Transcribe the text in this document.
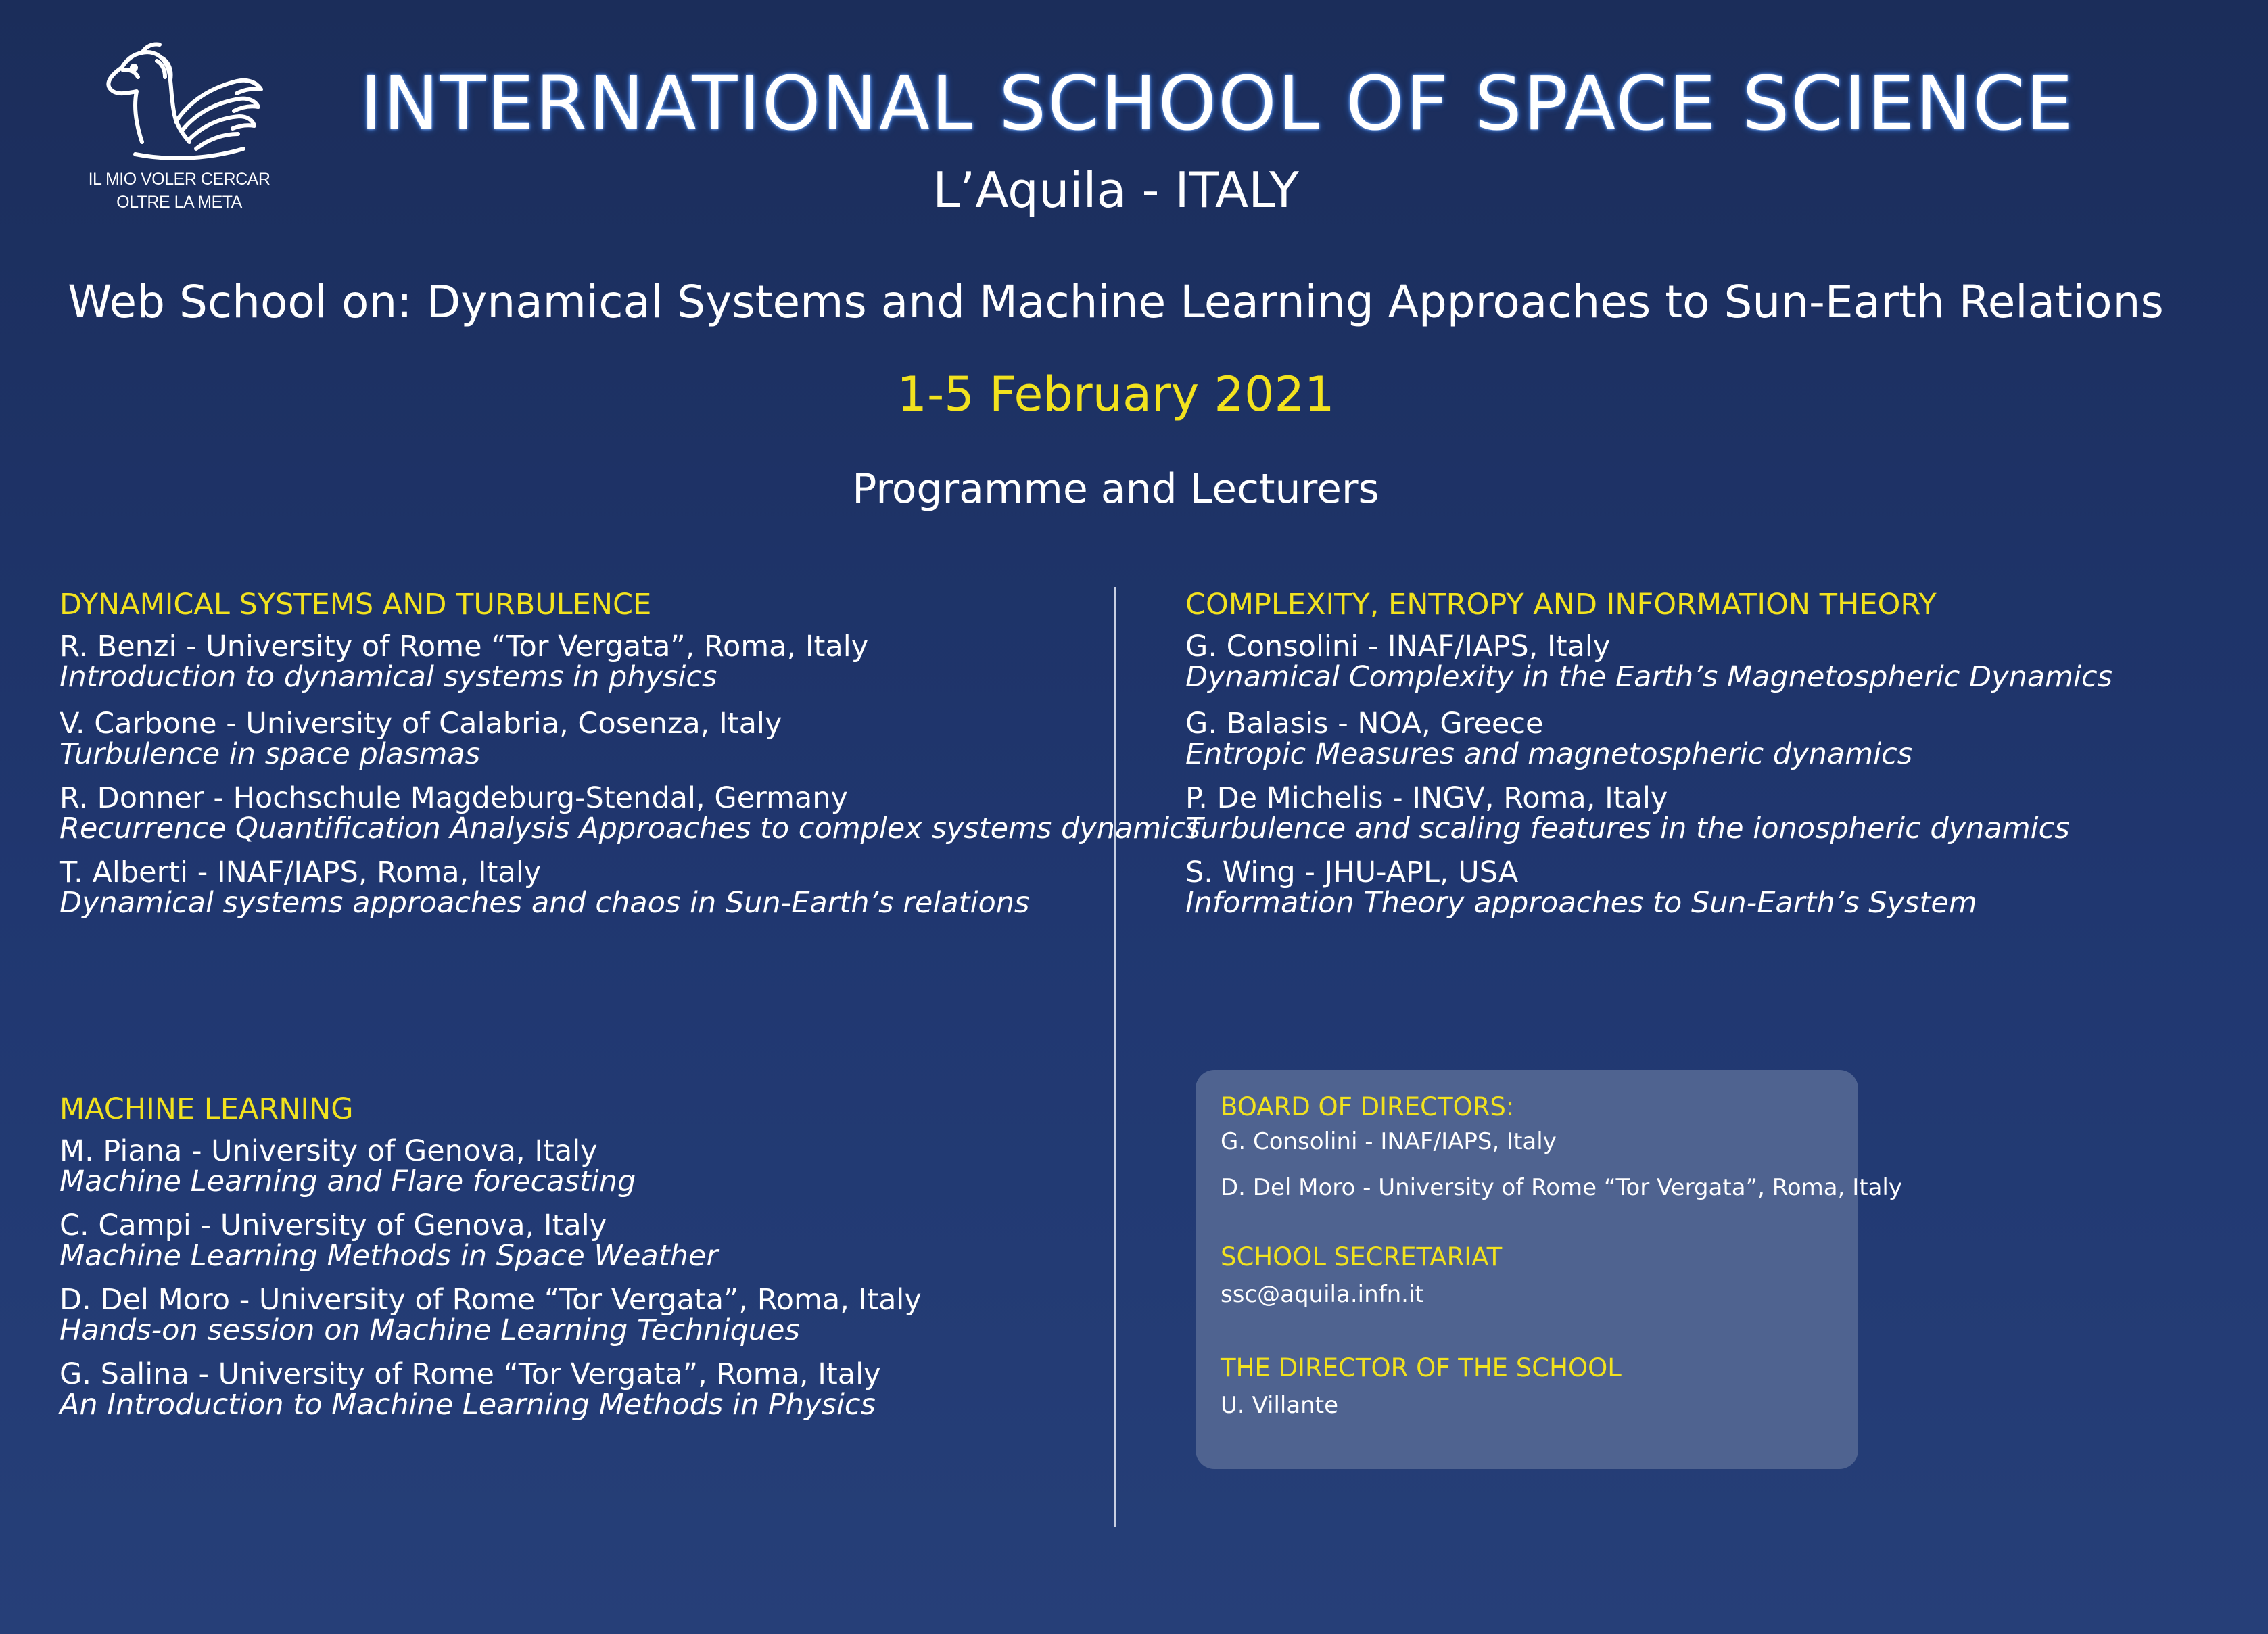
IL MIO VOLER CERCAR
OLTRE LA META
INTERNATIONAL SCHOOL OF SPACE SCIENCE
L’Aquila - ITALY
Web School on: Dynamical Systems and Machine Learning Approaches to Sun-Earth Relations
1-5 February 2021
Programme and Lecturers
DYNAMICAL SYSTEMS AND TURBULENCE
R. Benzi - University of Rome “Tor Vergata”, Roma, Italy
Introduction to dynamical systems in physics
V. Carbone - University of Calabria, Cosenza, Italy
Turbulence in space plasmas
R. Donner - Hochschule Magdeburg-Stendal, Germany
Recurrence Quantification Analysis Approaches to complex systems dynamics
T. Alberti - INAF/IAPS, Roma, Italy
Dynamical systems approaches and chaos in Sun-Earth’s relations
COMPLEXITY, ENTROPY AND INFORMATION THEORY
G. Consolini - INAF/IAPS, Italy
Dynamical Complexity in the Earth’s Magnetospheric Dynamics
G. Balasis - NOA, Greece
Entropic Measures and magnetospheric dynamics
P. De Michelis - INGV, Roma, Italy
Turbulence and scaling features in the ionospheric dynamics
S. Wing - JHU-APL, USA
Information Theory approaches to Sun-Earth’s System
MACHINE LEARNING
M. Piana - University of Genova, Italy
Machine Learning and Flare forecasting
C. Campi - University of Genova, Italy
Machine Learning Methods in Space Weather
D. Del Moro - University of Rome “Tor Vergata”, Roma, Italy
Hands-on session on Machine Learning Techniques
G. Salina - University of Rome “Tor Vergata”, Roma, Italy
An Introduction to Machine Learning Methods in Physics
BOARD OF DIRECTORS:
G. Consolini - INAF/IAPS, Italy
D. Del Moro - University of Rome “Tor Vergata”, Roma, Italy
SCHOOL SECRETARIAT
ssc@aquila.infn.it
THE DIRECTOR OF THE SCHOOL
U. Villante
